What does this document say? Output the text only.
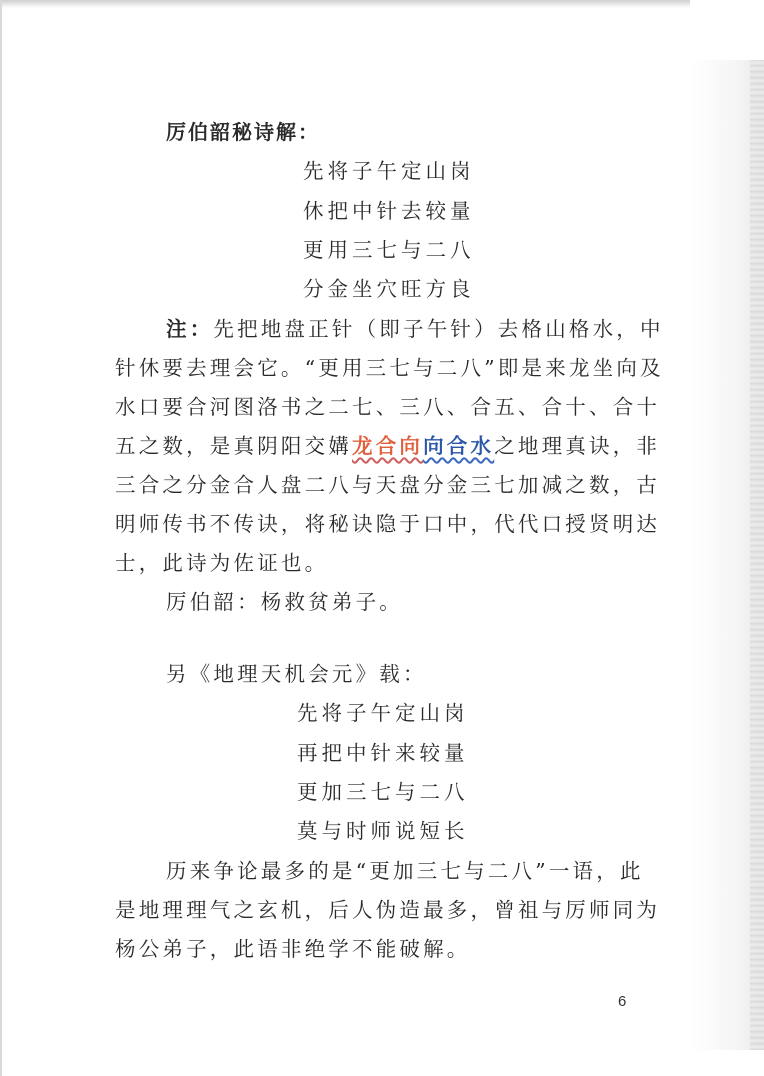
厉伯韶秘诗解：
先将子午定山岗
休把中针去较量
更用三七与二八
分金坐穴旺方良
注：先把地盘正针（即子午针）去格山格水，中
针休要去理会它。“更用三七与二八”即是来龙坐向及
水口要合河图洛书之二七、三八、合五、合十、合十
五之数，是真阴阳交媾龙合向向合水之地理真诀，非
三合之分金合人盘二八与天盘分金三七加减之数，古
明师传书不传诀，将秘诀隐于口中，代代口授贤明达
士，此诗为佐证也。
厉伯韶：杨救贫弟子。
另《地理天机会元》载：
先将子午定山岗
再把中针来较量
更加三七与二八
莫与时师说短长
历来争论最多的是“更加三七与二八”一语，此
是地理理气之玄机，后人伪造最多，曾祖与厉师同为
杨公弟子，此语非绝学不能破解。
6
